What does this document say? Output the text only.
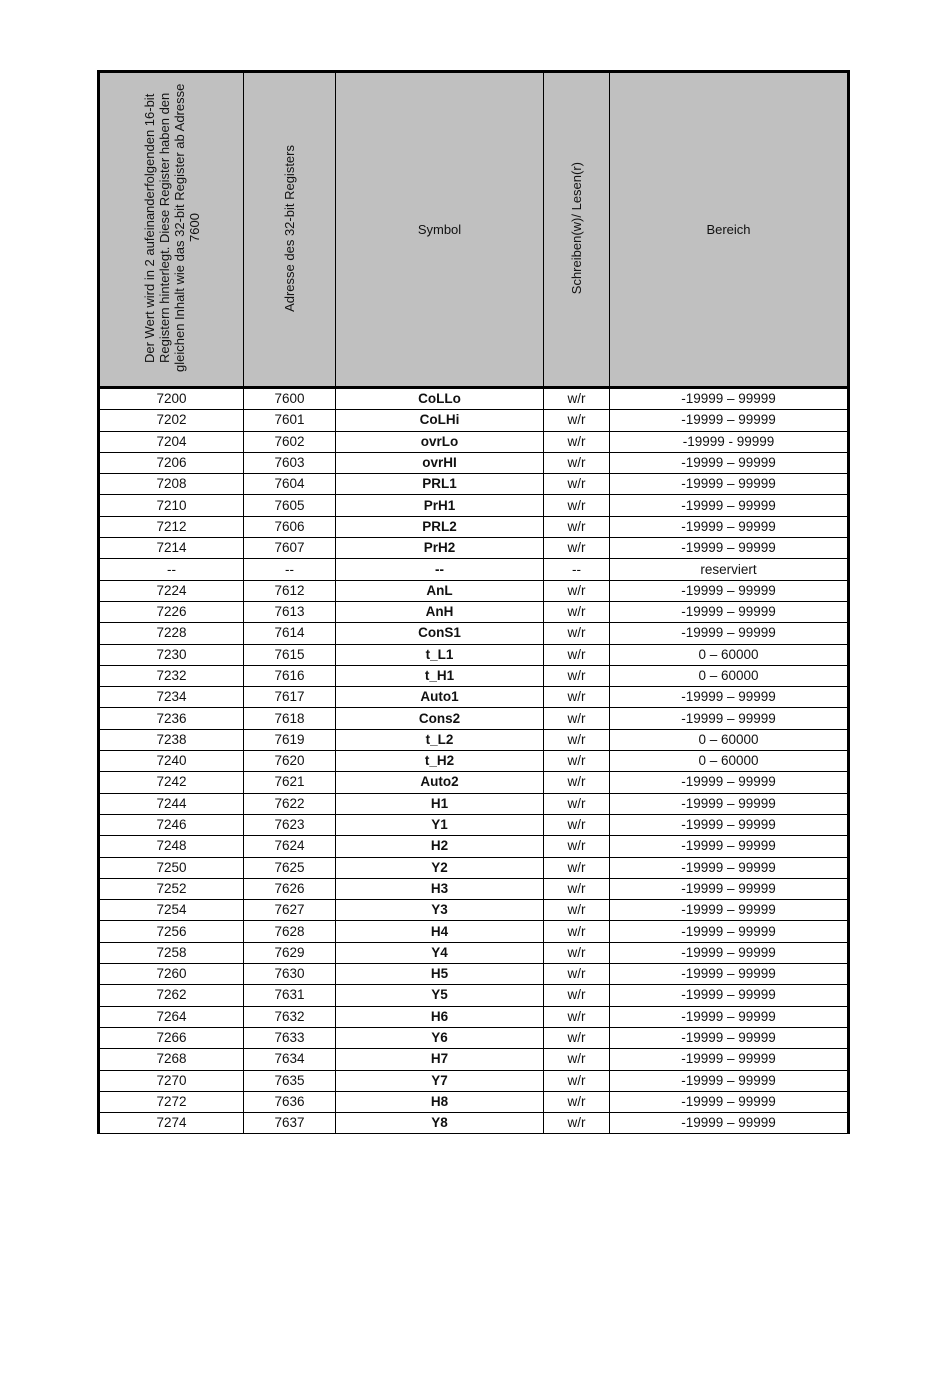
Der Wert wird in 2 aufeinanderfolgenden 16-bit Registern hinterlegt. Diese Register haben den gleichen Inhalt wie das 32-bit Register ab Adresse 7600	Adresse des 32-bit Registers	Symbol	Schreiben(w)/ Lesen(r)	Bereich
7200	7600	CoLLo	w/r	-19999 – 99999
7202	7601	CoLHi	w/r	-19999 – 99999
7204	7602	ovrLo	w/r	-19999 - 99999
7206	7603	ovrHI	w/r	-19999 – 99999
7208	7604	PRL1	w/r	-19999 – 99999
7210	7605	PrH1	w/r	-19999 – 99999
7212	7606	PRL2	w/r	-19999 – 99999
7214	7607	PrH2	w/r	-19999 – 99999
--	--	--	--	reserviert
7224	7612	AnL	w/r	-19999 – 99999
7226	7613	AnH	w/r	-19999 – 99999
7228	7614	ConS1	w/r	-19999 – 99999
7230	7615	t_L1	w/r	0 – 60000
7232	7616	t_H1	w/r	0 – 60000
7234	7617	Auto1	w/r	-19999 – 99999
7236	7618	Cons2	w/r	-19999 – 99999
7238	7619	t_L2	w/r	0 – 60000
7240	7620	t_H2	w/r	0 – 60000
7242	7621	Auto2	w/r	-19999 – 99999
7244	7622	H1	w/r	-19999 – 99999
7246	7623	Y1	w/r	-19999 – 99999
7248	7624	H2	w/r	-19999 – 99999
7250	7625	Y2	w/r	-19999 – 99999
7252	7626	H3	w/r	-19999 – 99999
7254	7627	Y3	w/r	-19999 – 99999
7256	7628	H4	w/r	-19999 – 99999
7258	7629	Y4	w/r	-19999 – 99999
7260	7630	H5	w/r	-19999 – 99999
7262	7631	Y5	w/r	-19999 – 99999
7264	7632	H6	w/r	-19999 – 99999
7266	7633	Y6	w/r	-19999 – 99999
7268	7634	H7	w/r	-19999 – 99999
7270	7635	Y7	w/r	-19999 – 99999
7272	7636	H8	w/r	-19999 – 99999
7274	7637	Y8	w/r	-19999 – 99999
